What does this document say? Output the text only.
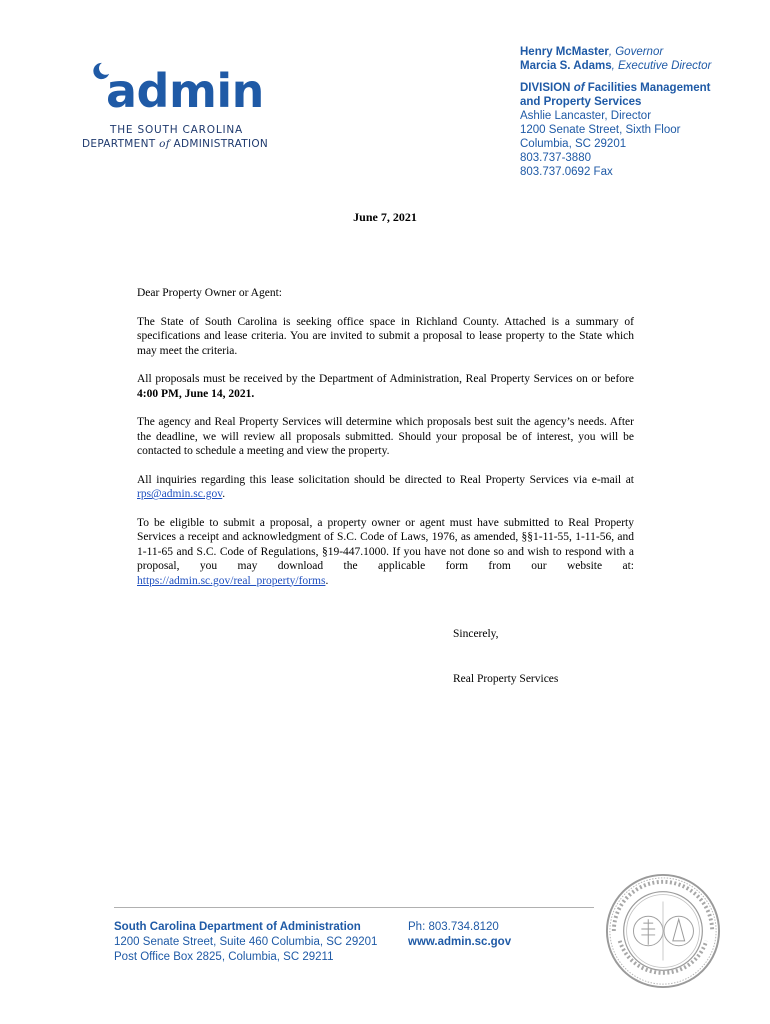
admin
THE SOUTH CAROLINA
DEPARTMENT of ADMINISTRATION
Henry McMaster, Governor
Marcia S. Adams, Executive Director
DIVISION of Facilities Management
and Property Services
Ashlie Lancaster, Director
1200 Senate Street, Sixth Floor
Columbia, SC 29201
803.737-3880
803.737.0692 Fax
June 7, 2021

Dear Property Owner or Agent:

The State of South Carolina is seeking office space in Richland County. Attached is a summary of specifications and lease criteria. You are invited to submit a proposal to lease property to the State which may meet the criteria.

All proposals must be received by the Department of Administration, Real Property Services on or before 4:00 PM, June 14, 2021.

The agency and Real Property Services will determine which proposals best suit the agency’s needs. After the deadline, we will review all proposals submitted. Should your proposal be of interest, you will be contacted to schedule a meeting and view the property.

All inquiries regarding this lease solicitation should be directed to Real Property Services via e-mail at rps@admin.sc.gov.

To be eligible to submit a proposal, a property owner or agent must have submitted to Real Property Services a receipt and acknowledgment of S.C. Code of Laws, 1976, as amended, §§1-11-55, 1-11-56, and 1-11-65 and S.C. Code of Regulations, §19-447.1000. If you have not done so and wish to respond with a proposal, you may download the applicable form from our website at: https://admin.sc.gov/real_property/forms.

Sincerely,
Real Property Services
South Carolina Department of Administration
1200 Senate Street, Suite 460 Columbia, SC 29201
Post Office Box 2825, Columbia, SC 29211
Ph: 803.734.8120
www.admin.sc.gov
